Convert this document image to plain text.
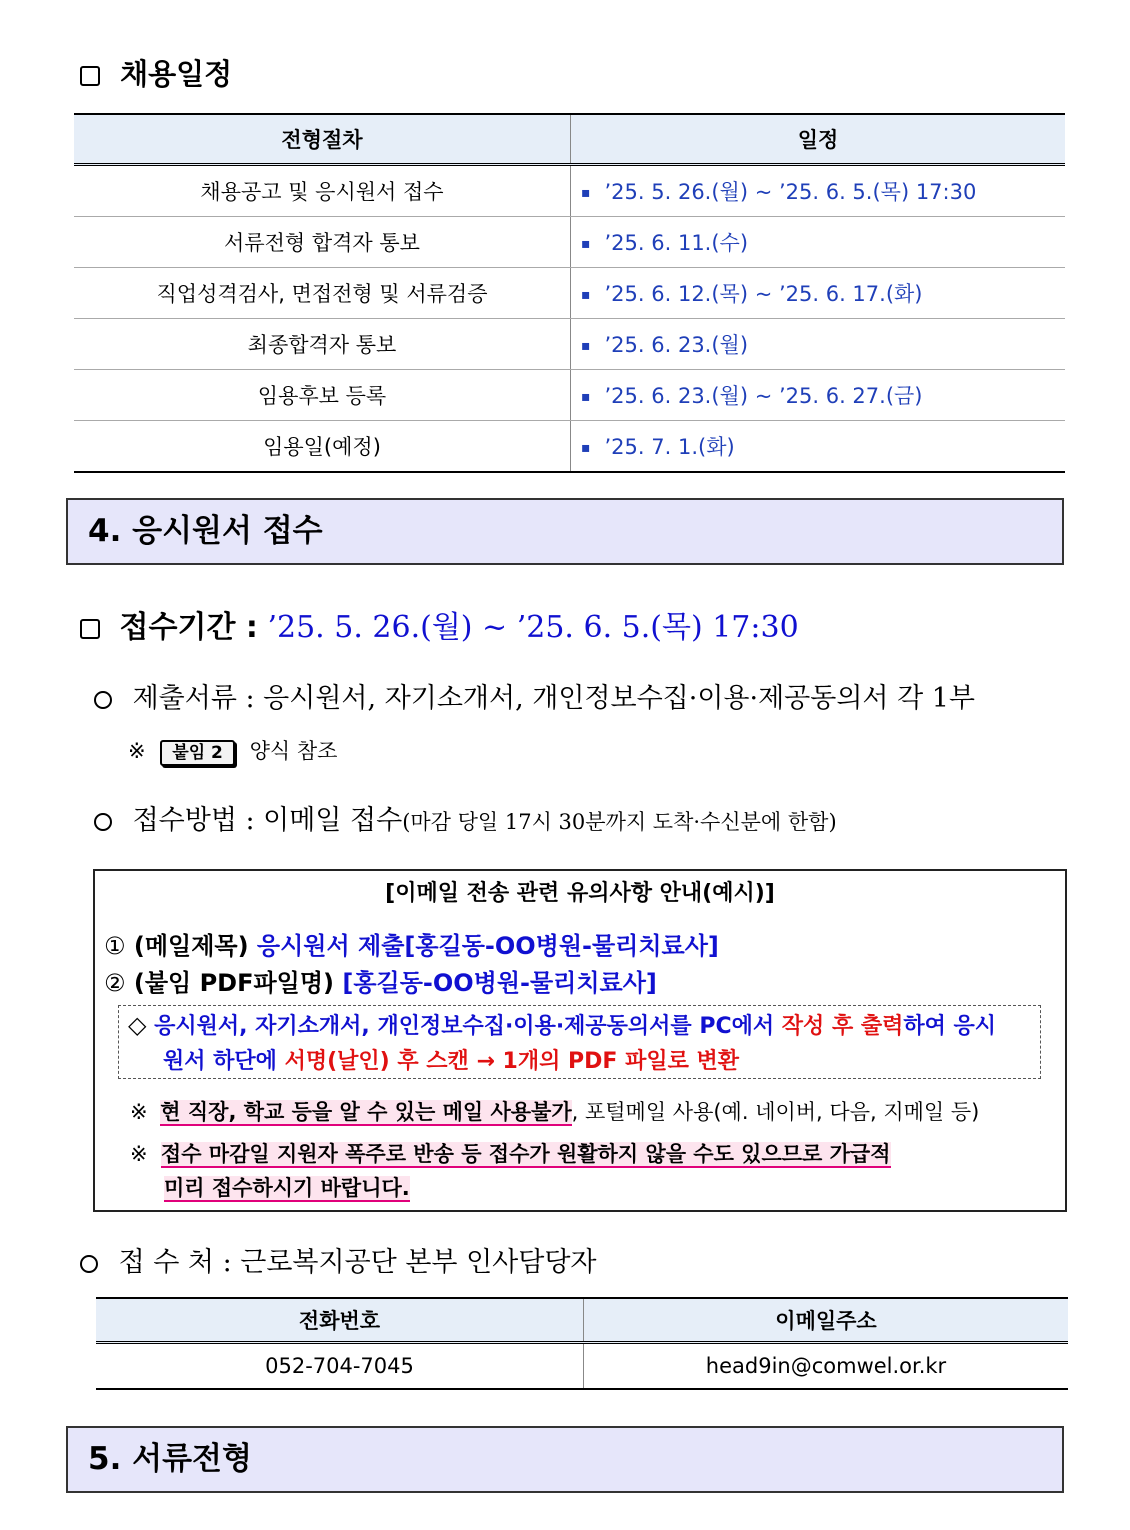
채용일정
전형절차	일정
채용공고 및 응시원서 접수	▪ ’25. 5. 26.(월) ~ ’25. 6. 5.(목) 17:30
서류전형 합격자 통보	▪ ’25. 6. 11.(수)
직업성격검사, 면접전형 및 서류검증	▪ ’25. 6. 12.(목) ~ ’25. 6. 17.(화)
최종합격자 통보	▪ ’25. 6. 23.(월)
임용후보 등록	▪ ’25. 6. 23.(월) ~ ’25. 6. 27.(금)
임용일(예정)	▪ ’25. 7. 1.(화)
4. 응시원서 접수
접수기간 : ’25. 5. 26.(월) ~ ’25. 6. 5.(목) 17:30
제출서류 : 응시원서, 자기소개서, 개인정보수집·이용·제공동의서 각 1부
※ 붙임 2 양식 참조
접수방법 : 이메일 접수(마감 당일 17시 30분까지 도착·수신분에 한함)
[이메일 전송 관련 유의사항 안내(예시)]
① (메일제목) 응시원서 제출[홍길동-OO병원-물리치료사]
② (붙임 PDF파일명) [홍길동-OO병원-물리치료사]
◇ 응시원서, 자기소개서, 개인정보수집·이용·제공동의서를 PC에서 작성 후 출력하여 응시
원서 하단에 서명(날인) 후 스캔 → 1개의 PDF 파일로 변환
※ 현 직장, 학교 등을 알 수 있는 메일 사용불가, 포털메일 사용(예. 네이버, 다음, 지메일 등)
※ 접수 마감일 지원자 폭주로 반송 등 접수가 원활하지 않을 수도 있으므로 가급적
미리 접수하시기 바랍니다.
접 수 처 : 근로복지공단 본부 인사담당자
전화번호	이메일주소
052-704-7045	head9in@comwel.or.kr
5. 서류전형
